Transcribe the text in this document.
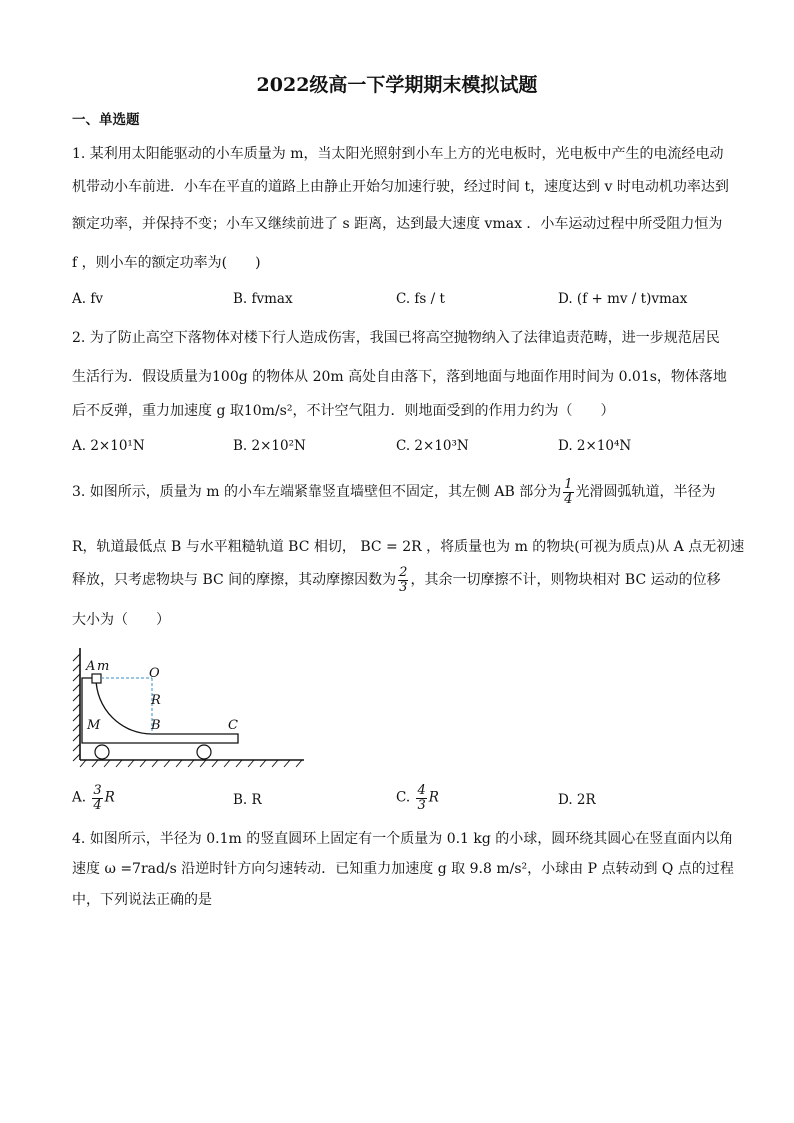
2022级高一下学期期末模拟试题
一、单选题
1. 某利用太阳能驱动的小车质量为 m，当太阳光照射到小车上方的光电板时，光电板中产生的电流经电动
机带动小车前进．小车在平直的道路上由静止开始匀加速行驶，经过时间 t，速度达到 v 时电动机功率达到
额定功率，并保持不变；小车又继续前进了 s 距离，达到最大速度 vmax ．小车运动过程中所受阻力恒为
f ，则小车的额定功率为(　　)
A. fv	B. fvmax	C. fs / t	D. (f + mv / t)vmax
2. 为了防止高空下落物体对楼下行人造成伤害，我国已将高空抛物纳入了法律追责范畴，进一步规范居民
生活行为．假设质量为100g 的物体从 20m 高处自由落下，落到地面与地面作用时间为 0.01s，物体落地
后不反弹，重力加速度 g 取10m/s²，不计空气阻力．则地面受到的作用力约为（　　）
A. 2×10¹N	B. 2×10²N	C. 2×10³N	D. 2×10⁴N
3. 如图所示，质量为 m 的小车左端紧靠竖直墙壁但不固定，其左侧 AB 部分为 $\frac{1}{4}$ 光滑圆弧轨道，半径为
R，轨道最低点 B 与水平粗糙轨道 BC 相切， BC = 2R ，将质量也为 m 的物块(可视为质点)从 A 点无初速
释放，只考虑物块与 BC 间的摩擦，其动摩擦因数为 $\frac{2}{3}$ ，其余一切摩擦不计，则物块相对 BC 运动的位移
大小为（　　）
A m	O
R
M	B	C
A. $\frac{3}{4}$ R	B. R	C. $\frac{4}{3}$ R	D. 2R
4. 如图所示，半径为 0.1m 的竖直圆环上固定有一个质量为 0.1 kg 的小球，圆环绕其圆心在竖直面内以角
速度 ω =7rad/s 沿逆时针方向匀速转动．已知重力加速度 g 取 9.8 m/s²，小球由 P 点转动到 Q 点的过程
中，下列说法正确的是
